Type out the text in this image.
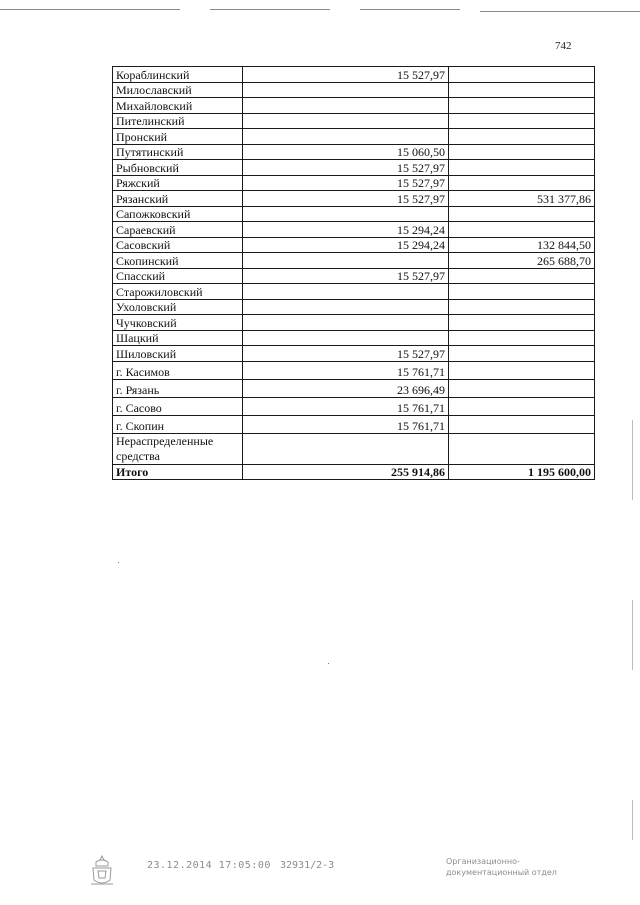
742
Кораблинский	15 527,97	
Милославский		
Михайловский		
Пителинский		
Пронский		
Путятинский	15 060,50	
Рыбновский	15 527,97	
Ряжский	15 527,97	
Рязанский	15 527,97	531 377,86
Сапожковский		
Сараевский	15 294,24	
Сасовский	15 294,24	132 844,50
Скопинский		265 688,70
Спасский	15 527,97	
Старожиловский		
Ухоловский		
Чучковский		
Шацкий		
Шиловский	15 527,97	
г. Касимов	15 761,71	
г. Рязань	23 696,49	
г. Сасово	15 761,71	
г. Скопин	15 761,71	
Нераспределенные средства		
Итого	255 914,86	1 195 600,00
23.12.2014 17:05:00 32931/2-3	Организационно-
документационный отдел
